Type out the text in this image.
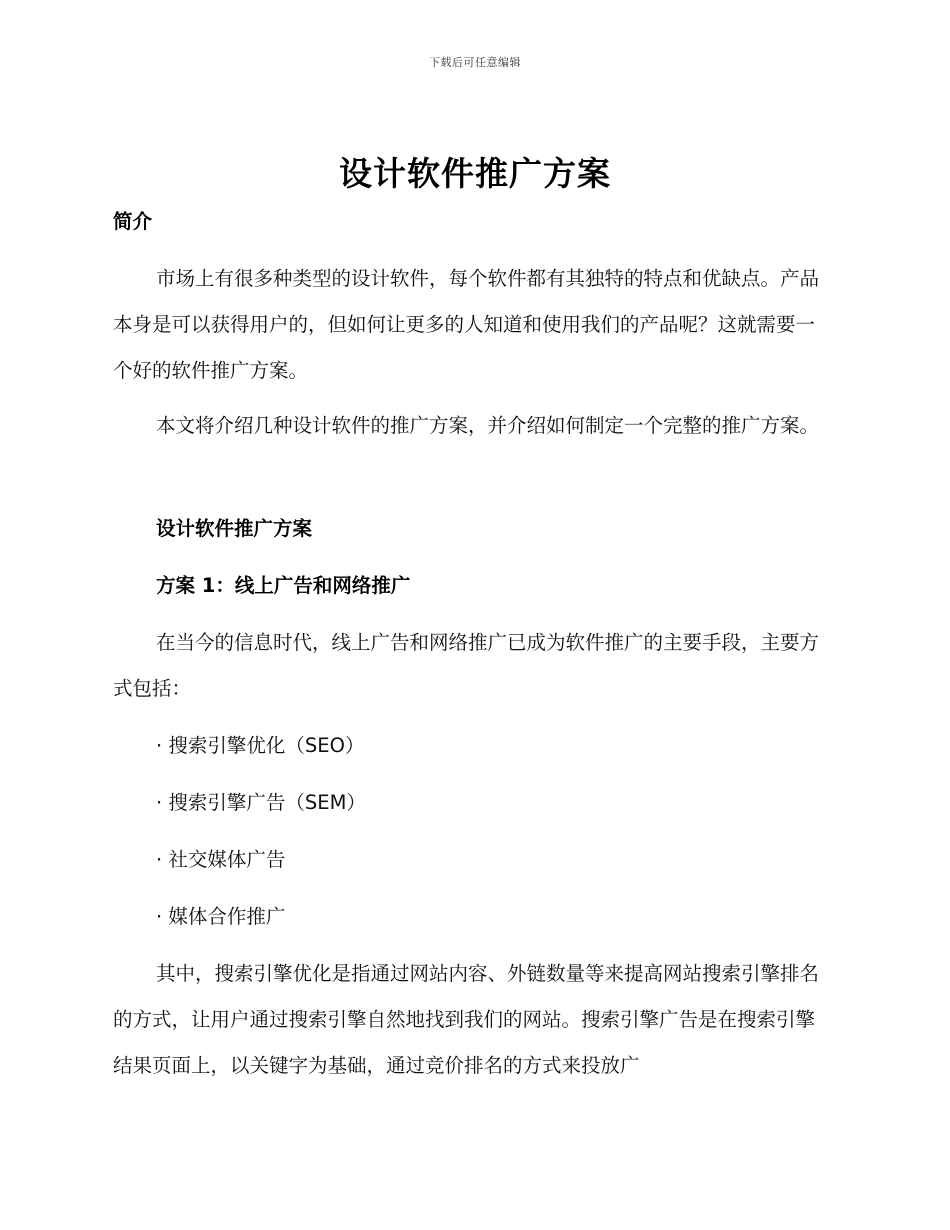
下载后可任意编辑
设计软件推广方案
简介
市场上有很多种类型的设计软件，每个软件都有其独特的特点和优缺点。产品本身是可以获得用户的，但如何让更多的人知道和使用我们的产品呢？这就需要一个好的软件推广方案。
本文将介绍几种设计软件的推广方案，并介绍如何制定一个完整的推广方案。
设计软件推广方案
方案 1：线上广告和网络推广
在当今的信息时代，线上广告和网络推广已成为软件推广的主要手段，主要方式包括：
· 搜索引擎优化（SEO）
· 搜索引擎广告（SEM）
· 社交媒体广告
· 媒体合作推广
其中，搜索引擎优化是指通过网站内容、外链数量等来提高网站搜索引擎排名的方式，让用户通过搜索引擎自然地找到我们的网站。搜索引擎广告是在搜索引擎结果页面上，以关键字为基础，通过竞价排名的方式来投放广
